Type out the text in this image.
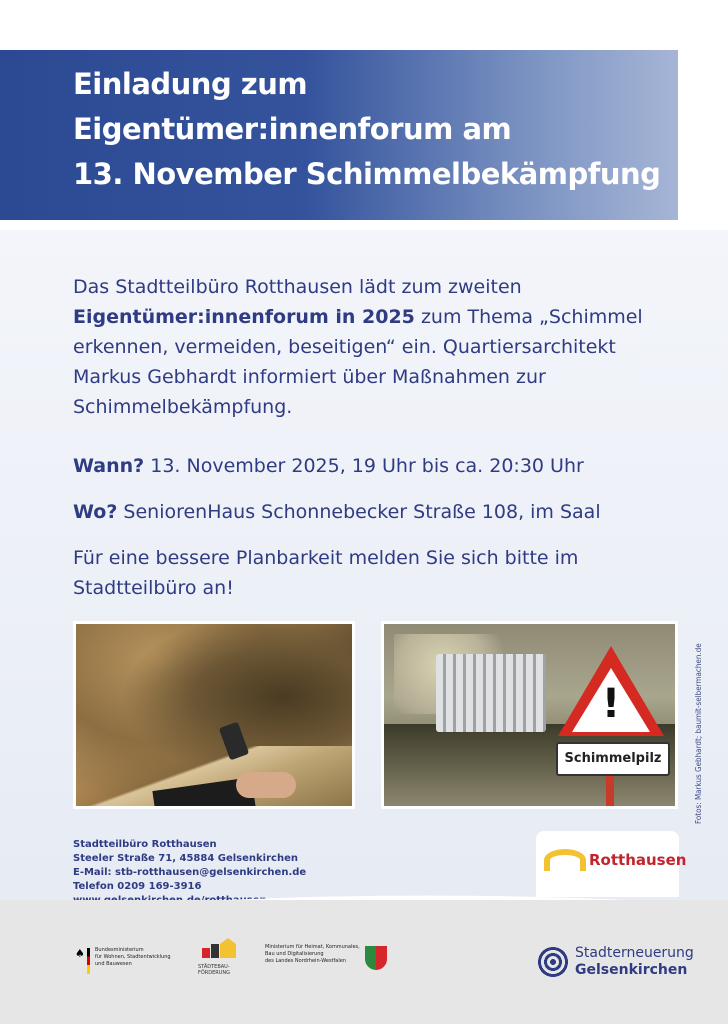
Einladung zum
Eigentümer:innenforum am
13. November Schimmelbekämpfung

Das Stadtteilbüro Rotthausen lädt zum zweiten Eigentümer:innenforum in 2025 zum Thema „Schimmel erkennen, vermeiden, beseitigen“ ein. Quartiersarchitekt Markus Gebhardt informiert über Maßnahmen zur Schimmelbekämpfung.

Wann? 13. November 2025, 19 Uhr bis ca. 20:30 Uhr

Wo? SeniorenHaus Schonnebecker Straße 108, im Saal

Für eine bessere Planbarkeit melden Sie sich bitte im Stadtteilbüro an!

!
Schimmelpilz	Fotos: Markus Gebhardt; baumit-selbermachen.de
Stadtteilbüro Rotthausen
Steeler Straße 71, 45884 Gelsenkirchen
E-Mail: stb-rotthausen@gelsenkirchen.de
Telefon 0209 169-3916
Rotthausen
♠ Bundesministerium
für Wohnen, Stadtentwicklung
und Bauwesen	STÄDTEBAU-
FÖRDERUNG
Ministerium für Heimat, Kommunales,
Bau und Digitalisierung
des Landes Nordrhein-Westfalen	Stadterneuerung
Gelsenkirchen
